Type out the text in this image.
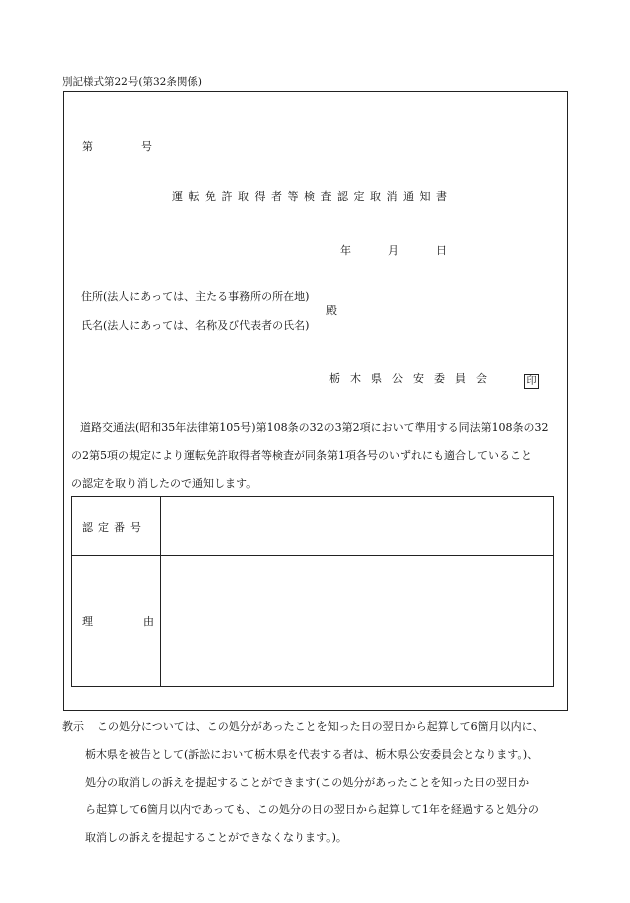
別記様式第22号(第32条関係)
第	号
運転免許取得者等検査認定取消通知書
年	月	日
住所(法人にあっては、主たる事務所の所在地)
殿
氏名(法人にあっては、名称及び代表者の氏名)
栃木県公安委員会	印
道路交通法(昭和35年法律第105号)第108条の32の3第2項において準用する同法第108条の32
の2第5項の規定により運転免許取得者等検査が同条第1項各号のいずれにも適合していること
の認定を取り消したので通知します。
認定番号
理	由
教示 この処分については、この処分があったことを知った日の翌日から起算して6箇月以内に、
栃木県を被告として(訴訟において栃木県を代表する者は、栃木県公安委員会となります。)、
処分の取消しの訴えを提起することができます(この処分があったことを知った日の翌日か
ら起算して6箇月以内であっても、この処分の日の翌日から起算して1年を経過すると処分の
取消しの訴えを提起することができなくなります。)。
